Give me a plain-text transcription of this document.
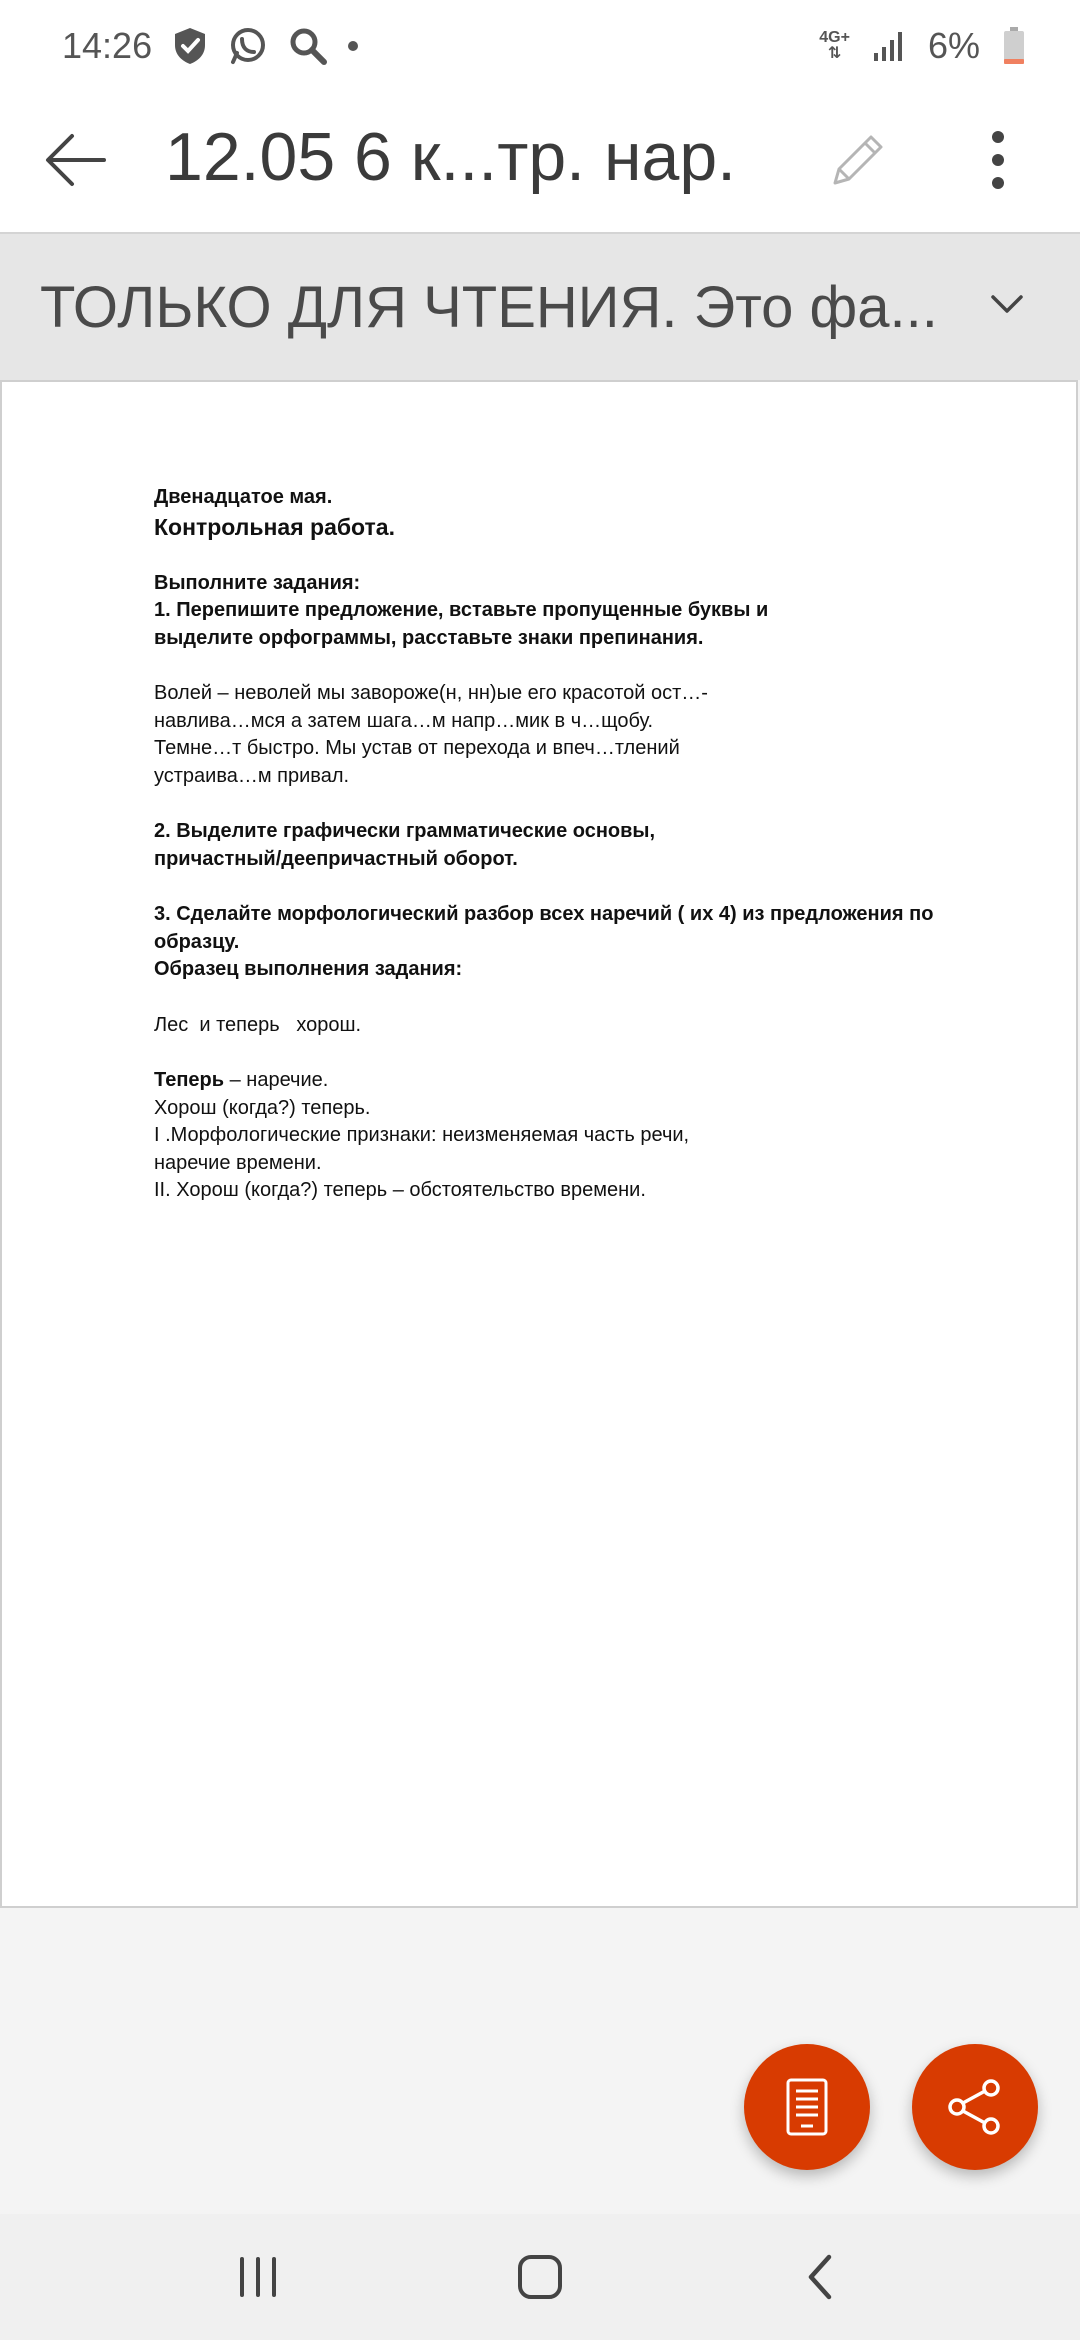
14:26	4G+
⇅ 6%
12.05 6 к...тр. нар.
ТОЛЬКО ДЛЯ ЧТЕНИЯ. Это фа...

Двенадцатое мая.

Контрольная работа.

Выполните задания:

1. Перепишите предложение, вставьте пропущенные буквы и

выделите орфограммы, расставьте знаки препинания.

Волей – неволей мы завороже(н, нн)ые его красотой ост…-

навлива…мся а затем шага…м напр…мик в ч…щобу.

Темне…т быстро. Мы устав от перехода и впеч…тлений

устраива…м привал.

2. Выделите графически грамматические основы,

причастный/деепричастный оборот.

3. Сделайте морфологический разбор всех наречий ( их 4) из предложения по

образцу.

Образец выполнения задания:

Лес  и теперь   хорош.

Теперь – наречие.

Хорош (когда?) теперь.

I .Морфологические признаки: неизменяемая часть речи,

наречие времени.

II. Хорош (когда?) теперь – обстоятельство времени.
